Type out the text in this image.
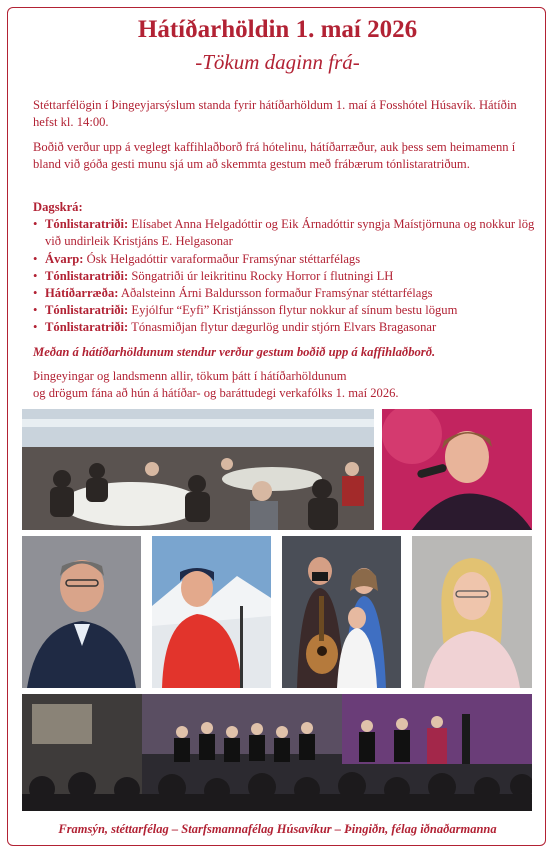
Hátíðarhöldin 1. maí 2026
-Tökum daginn frá-
Stéttarfélögin í Þingeyjarsýslum standa fyrir hátíðarhöldum 1. maí á Fosshótel Húsavík. Hátíðin hefst kl. 14:00.
Boðið verður upp á veglegt kaffihlaðborð frá hótelinu, hátíðarræður, auk þess sem heimamenn í bland við góða gesti munu sjá um að skemmta gestum með frábærum tónlistaratriðum.
Dagskrá:
• Tónlistaratriði: Elísabet Anna Helgadóttir og Eik Árnadóttir syngja Maístjörnuna og nokkur lög við undirleik Kristjáns E. Helgasonar
• Ávarp: Ósk Helgadóttir varaformaður Framsýnar stéttarfélags
• Tónlistaratriði: Söngatriði úr leikritinu Rocky Horror í flutningi LH
• Hátíðarræða: Aðalsteinn Árni Baldursson formaður Framsýnar stéttarfélags
• Tónlistaratriði: Eyjólfur “Eyfi” Kristjánsson flytur nokkur af sínum bestu lögum
• Tónlistaratriði: Tónasmiðjan flytur dægurlög undir stjórn Elvars Bragasonar
Meðan á hátíðarhöldunum stendur verður gestum boðið upp á kaffihlaðborð.
Þingeyingar og landsmenn allir, tökum þátt í hátíðarhöldunum
og drögum fána að hún á hátíðar- og baráttudegi verkafólks 1. maí 2026.
Framsýn, stéttarfélag – Starfsmannafélag Húsavíkur – Þingiðn, félag iðnaðarmanna
